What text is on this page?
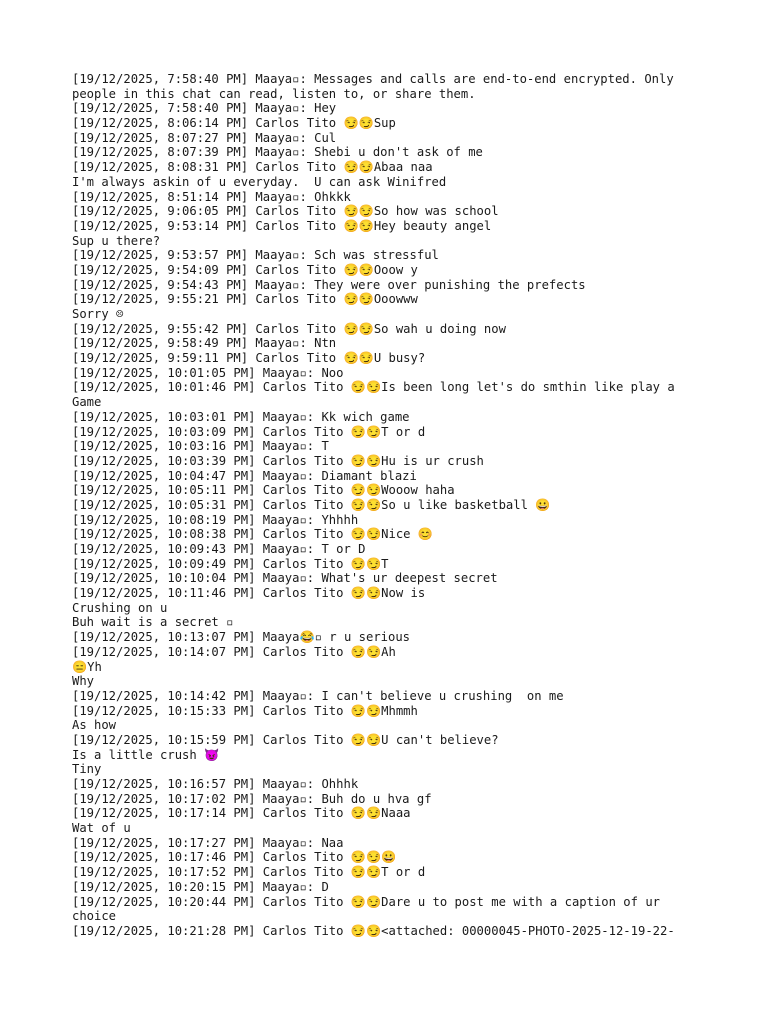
[19/12/2025, 7:58:40 PM] Maaya▫: Messages and calls are end-to-end encrypted. Only
people in this chat can read, listen to, or share them.
[19/12/2025, 7:58:40 PM] Maaya▫: Hey
[19/12/2025, 8:06:14 PM] Carlos Tito 😏😏Sup
[19/12/2025, 8:07:27 PM] Maaya▫: Cul
[19/12/2025, 8:07:39 PM] Maaya▫: Shebi u don't ask of me
[19/12/2025, 8:08:31 PM] Carlos Tito 😏😏Abaa naa
I'm always askin of u everyday.  U can ask Winifred
[19/12/2025, 8:51:14 PM] Maaya▫: Ohkkk
[19/12/2025, 9:06:05 PM] Carlos Tito 😏😏So how was school
[19/12/2025, 9:53:14 PM] Carlos Tito 😏😏Hey beauty angel
Sup u there?
[19/12/2025, 9:53:57 PM] Maaya▫: Sch was stressful
[19/12/2025, 9:54:09 PM] Carlos Tito 😏😏Ooow y
[19/12/2025, 9:54:43 PM] Maaya▫: They were over punishing the prefects
[19/12/2025, 9:55:21 PM] Carlos Tito 😏😏Ooowww
Sorry ☹
[19/12/2025, 9:55:42 PM] Carlos Tito 😏😏So wah u doing now
[19/12/2025, 9:58:49 PM] Maaya▫: Ntn
[19/12/2025, 9:59:11 PM] Carlos Tito 😏😏U busy?
[19/12/2025, 10:01:05 PM] Maaya▫: Noo
[19/12/2025, 10:01:46 PM] Carlos Tito 😏😏Is been long let's do smthin like play a
Game
[19/12/2025, 10:03:01 PM] Maaya▫: Kk wich game
[19/12/2025, 10:03:09 PM] Carlos Tito 😏😏T or d
[19/12/2025, 10:03:16 PM] Maaya▫: T
[19/12/2025, 10:03:39 PM] Carlos Tito 😏😏Hu is ur crush
[19/12/2025, 10:04:47 PM] Maaya▫: Diamant blazi
[19/12/2025, 10:05:11 PM] Carlos Tito 😏😏Wooow haha
[19/12/2025, 10:05:31 PM] Carlos Tito 😏😏So u like basketball 😀
[19/12/2025, 10:08:19 PM] Maaya▫: Yhhhh
[19/12/2025, 10:08:38 PM] Carlos Tito 😏😏Nice 😊
[19/12/2025, 10:09:43 PM] Maaya▫: T or D
[19/12/2025, 10:09:49 PM] Carlos Tito 😏😏T
[19/12/2025, 10:10:04 PM] Maaya▫: What's ur deepest secret
[19/12/2025, 10:11:46 PM] Carlos Tito 😏😏Now is
Crushing on u
Buh wait is a secret ▫
[19/12/2025, 10:13:07 PM] Maaya😂▫ r u serious
[19/12/2025, 10:14:07 PM] Carlos Tito 😏😏Ah
😑Yh
Why
[19/12/2025, 10:14:42 PM] Maaya▫: I can't believe u crushing  on me
[19/12/2025, 10:15:33 PM] Carlos Tito 😏😏Mhmmh
As how
[19/12/2025, 10:15:59 PM] Carlos Tito 😏😏U can't believe?
Is a little crush 😈
Tiny
[19/12/2025, 10:16:57 PM] Maaya▫: Ohhhk
[19/12/2025, 10:17:02 PM] Maaya▫: Buh do u hva gf
[19/12/2025, 10:17:14 PM] Carlos Tito 😏😏Naaa
Wat of u
[19/12/2025, 10:17:27 PM] Maaya▫: Naa
[19/12/2025, 10:17:46 PM] Carlos Tito 😏😏😀
[19/12/2025, 10:17:52 PM] Carlos Tito 😏😏T or d
[19/12/2025, 10:20:15 PM] Maaya▫: D
[19/12/2025, 10:20:44 PM] Carlos Tito 😏😏Dare u to post me with a caption of ur
choice
[19/12/2025, 10:21:28 PM] Carlos Tito 😏😏<attached: 00000045-PHOTO-2025-12-19-22-
